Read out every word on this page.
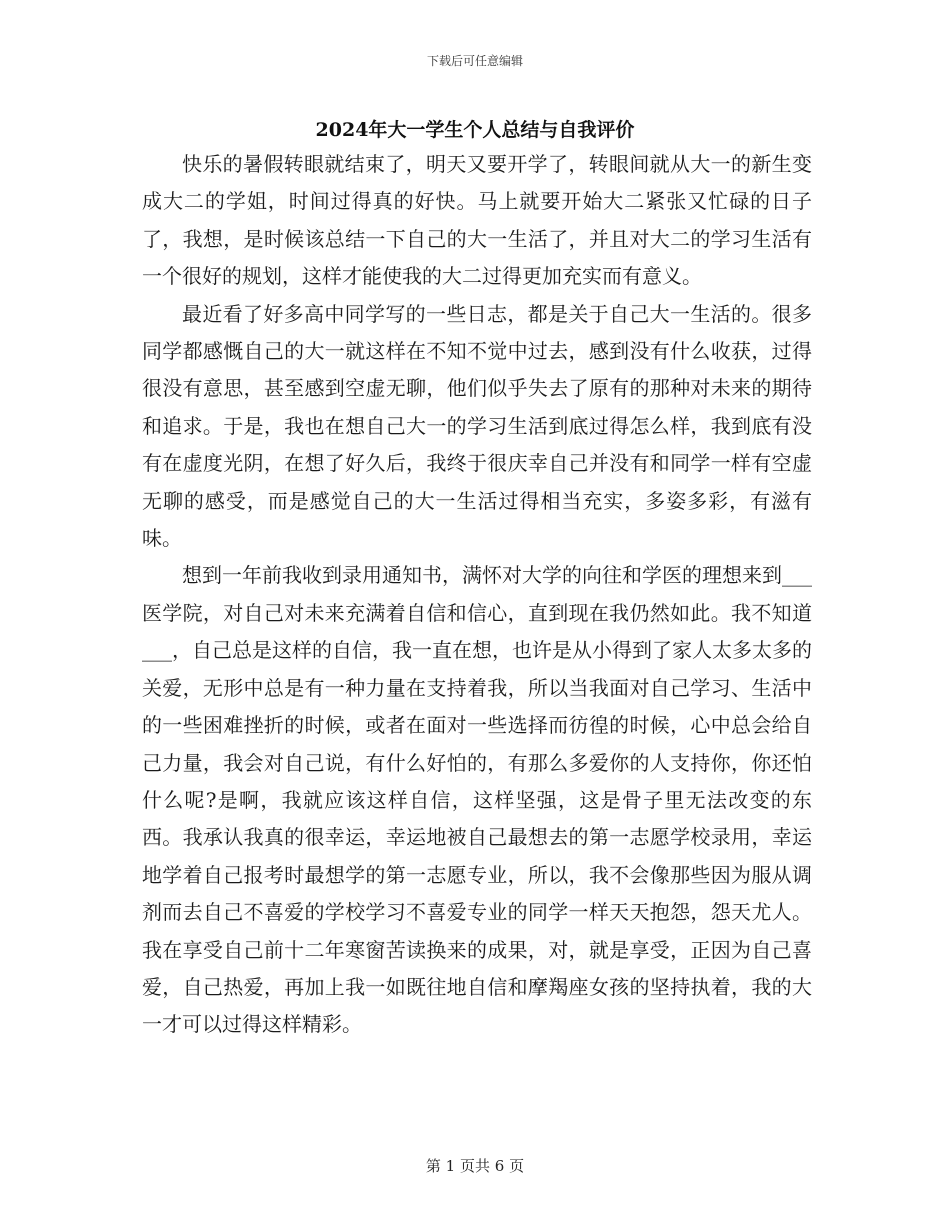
下载后可任意编辑
2024年大一学生个人总结与自我评价

快乐的暑假转眼就结束了，明天又要开学了，转眼间就从大一的新生变成大二的学姐，时间过得真的好快。马上就要开始大二紧张又忙碌的日子了，我想，是时候该总结一下自己的大一生活了，并且对大二的学习生活有一个很好的规划，这样才能使我的大二过得更加充实而有意义。

最近看了好多高中同学写的一些日志，都是关于自己大一生活的。很多同学都感慨自己的大一就这样在不知不觉中过去，感到没有什么收获，过得很没有意思，甚至感到空虚无聊，他们似乎失去了原有的那种对未来的期待和追求。于是，我也在想自己大一的学习生活到底过得怎么样，我到底有没有在虚度光阴，在想了好久后，我终于很庆幸自己并没有和同学一样有空虚无聊的感受，而是感觉自己的大一生活过得相当充实，多姿多彩，有滋有味。

想到一年前我收到录用通知书，满怀对大学的向往和学医的理想来到___医学院，对自己对未来充满着自信和信心，直到现在我仍然如此。我不知道___，自己总是这样的自信，我一直在想，也许是从小得到了家人太多太多的关爱，无形中总是有一种力量在支持着我，所以当我面对自己学习、生活中的一些困难挫折的时候，或者在面对一些选择而彷徨的时候，心中总会给自己力量，我会对自己说，有什么好怕的，有那么多爱你的人支持你，你还怕什么呢?是啊，我就应该这样自信，这样坚强，这是骨子里无法改变的东西。我承认我真的很幸运，幸运地被自己最想去的第一志愿学校录用，幸运地学着自己报考时最想学的第一志愿专业，所以，我不会像那些因为服从调剂而去自己不喜爱的学校学习不喜爱专业的同学一样天天抱怨，怨天尤人。我在享受自己前十二年寒窗苦读换来的成果，对，就是享受，正因为自己喜爱，自己热爱，再加上我一如既往地自信和摩羯座女孩的坚持执着，我的大一才可以过得这样精彩。

第 1 页共 6 页
